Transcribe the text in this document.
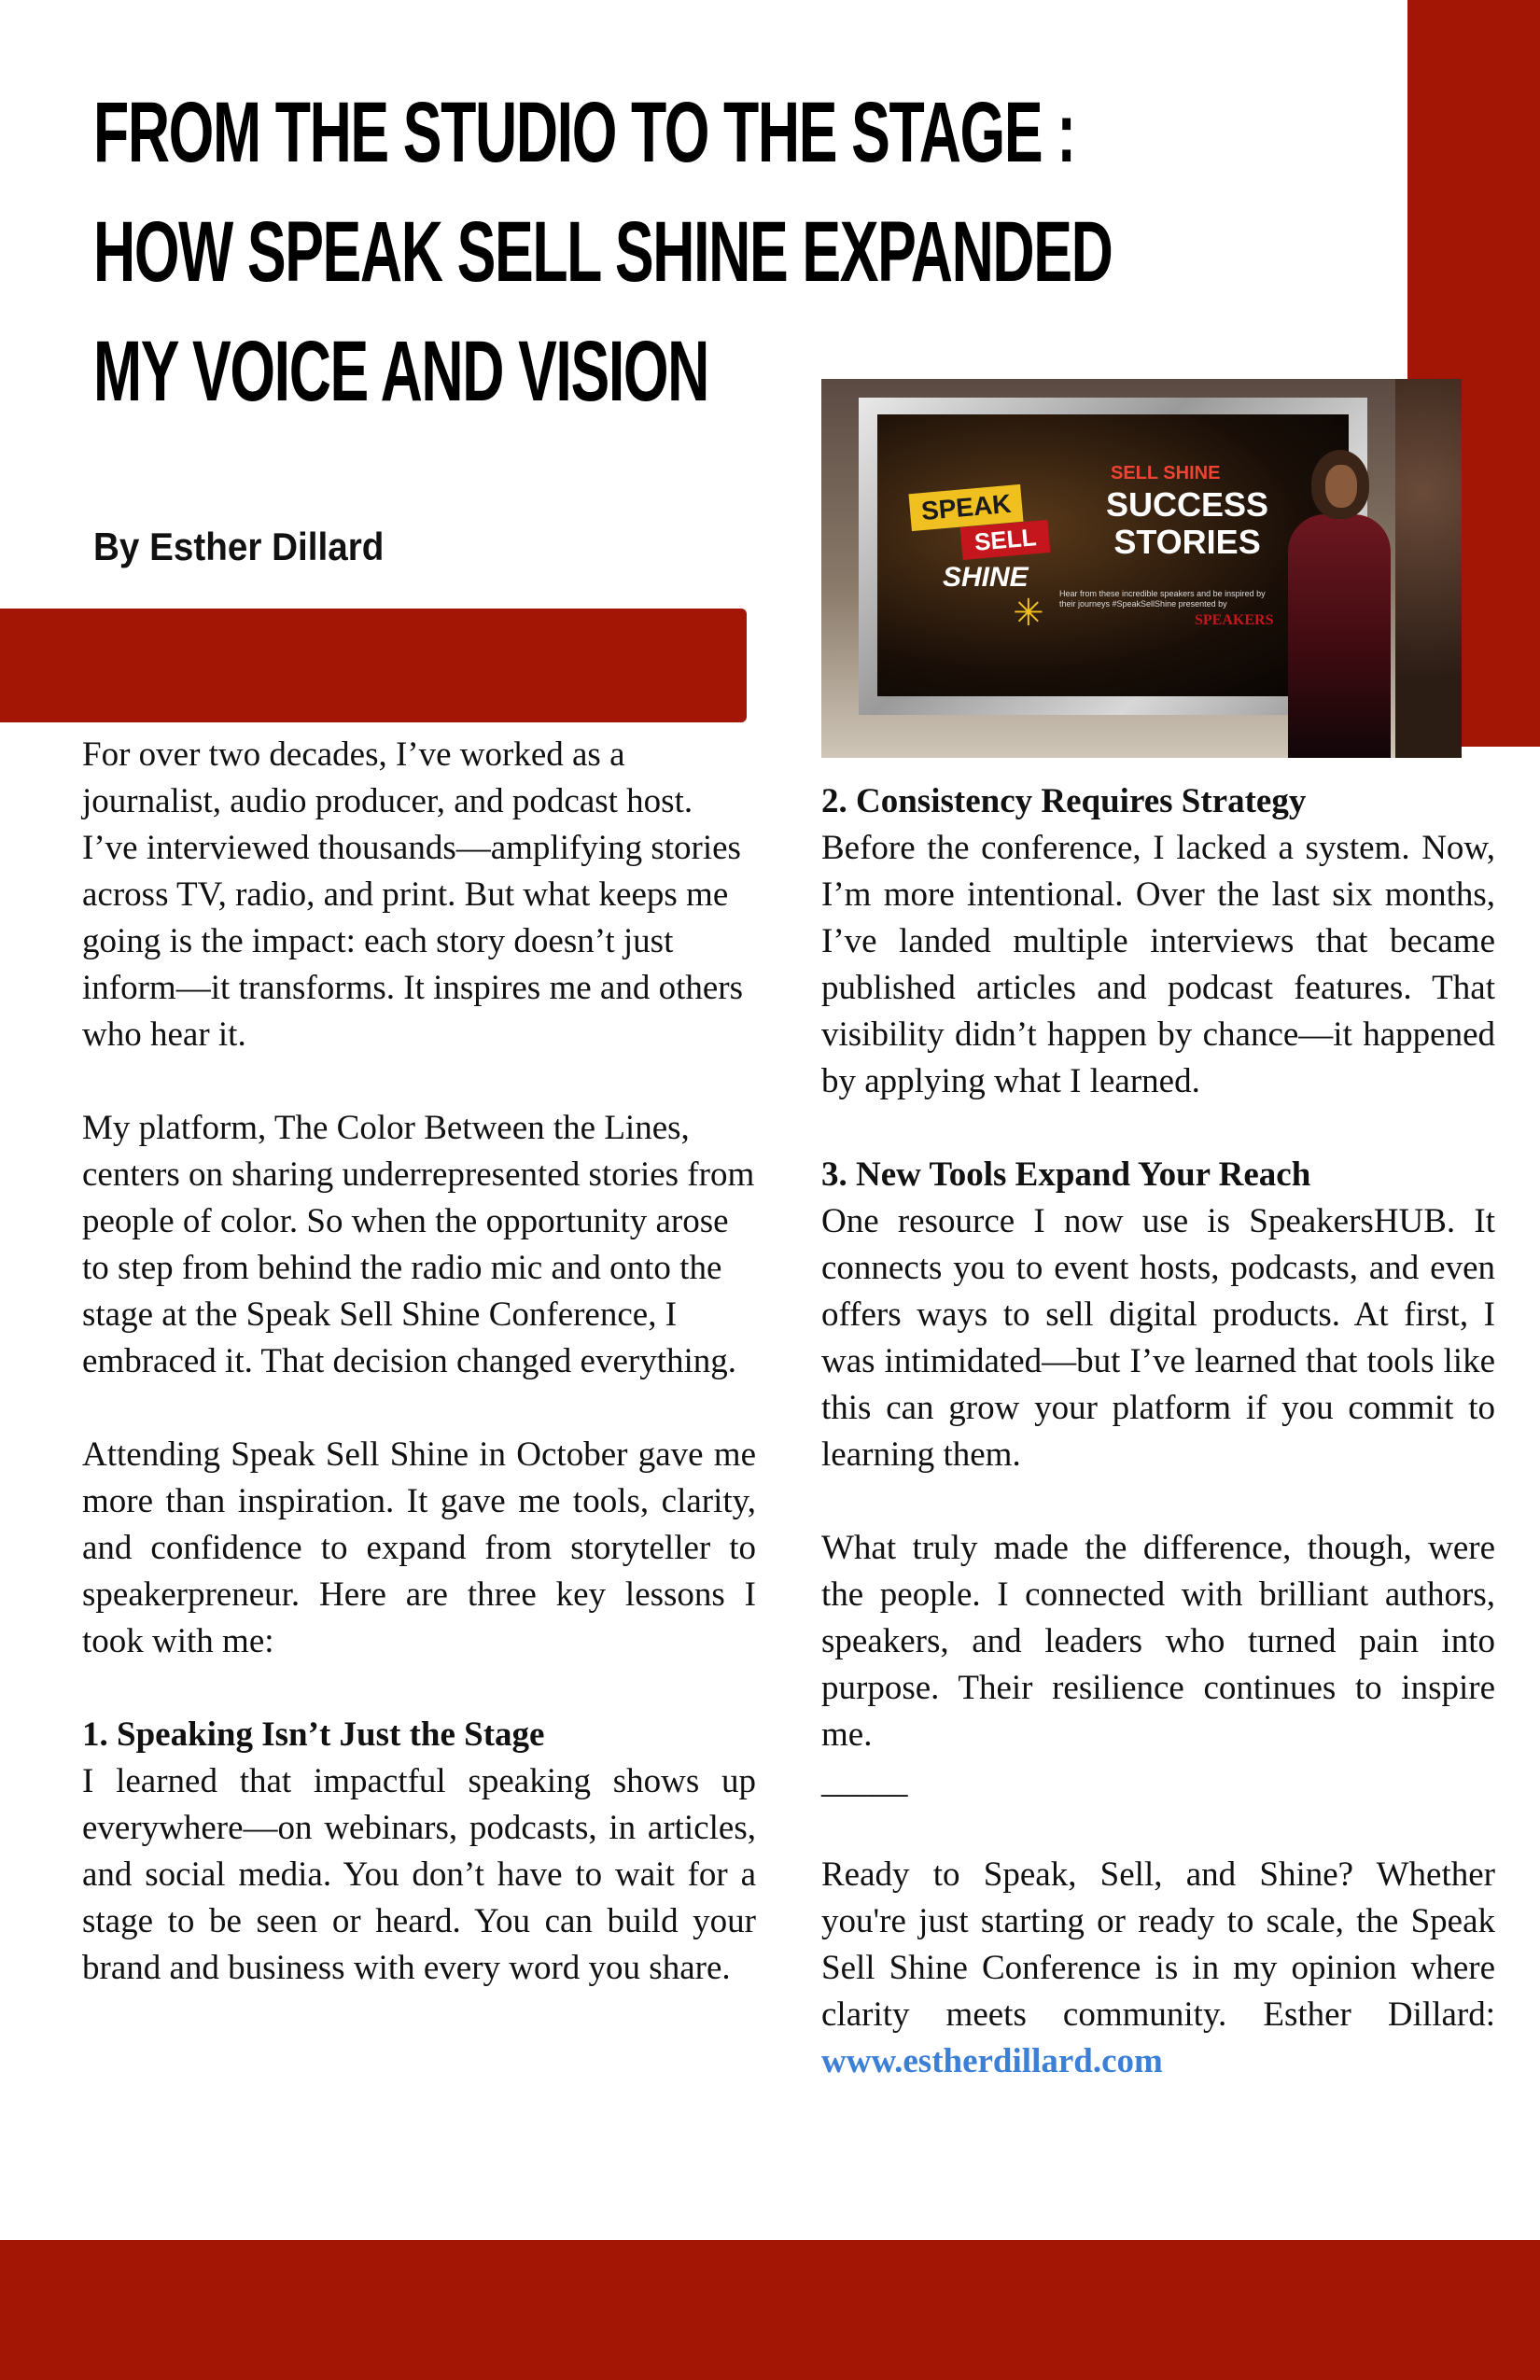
FROM THE STUDIO TO THE STAGE :
HOW SPEAK SELL SHINE EXPANDED
MY VOICE AND VISION
By Esther Dillard
SELL SHINE
SPEAK
SELL
SHINE
SUCCESS
STORIES
✳ Hear from these incredible speakers and be inspired by their journeys #SpeakSellShine presented by
SPEAKERS

For over two decades, I’ve worked as a journalist, audio producer, and podcast host. I’ve interviewed thousands—amplifying stories across TV, radio, and print. But what keeps me going is the impact: each story doesn’t just inform—it transforms. It inspires me and others who hear it.

My platform, The Color Between the Lines, centers on sharing underrepresented stories from people of color. So when the opportunity arose to step from behind the radio mic and onto the stage at the Speak Sell Shine Conference, I embraced it. That decision changed everything.

Attending Speak Sell Shine in October gave me more than inspiration. It gave me tools, clarity, and confidence to expand from storyteller to speakerpreneur. Here are three key lessons I took with me:

1. Speaking Isn’t Just the Stage

I learned that impactful speaking shows up everywhere—on webinars, podcasts, in articles, and social media. You don’t have to wait for a stage to be seen or heard. You can build your brand and business with every word you share.

2. Consistency Requires Strategy

Before the conference, I lacked a system. Now, I’m more intentional. Over the last six months, I’ve landed multiple interviews that became published articles and podcast features. That visibility didn’t happen by chance—it happened by applying what I learned.

3. New Tools Expand Your Reach

One resource I now use is SpeakersHUB. It connects you to event hosts, podcasts, and even offers ways to sell digital products. At first, I was intimidated—but I’ve learned that tools like this can grow your platform if you commit to learning them.

What truly made the difference, though, were the people. I connected with brilliant authors, speakers, and leaders who turned pain into purpose. Their resilience continues to inspire me.

_____

Ready to Speak, Sell, and Shine? Whether you're just starting or ready to scale, the Speak Sell Shine Conference is in my opinion where clarity meets community. Esther Dillard: www.estherdillard.com
